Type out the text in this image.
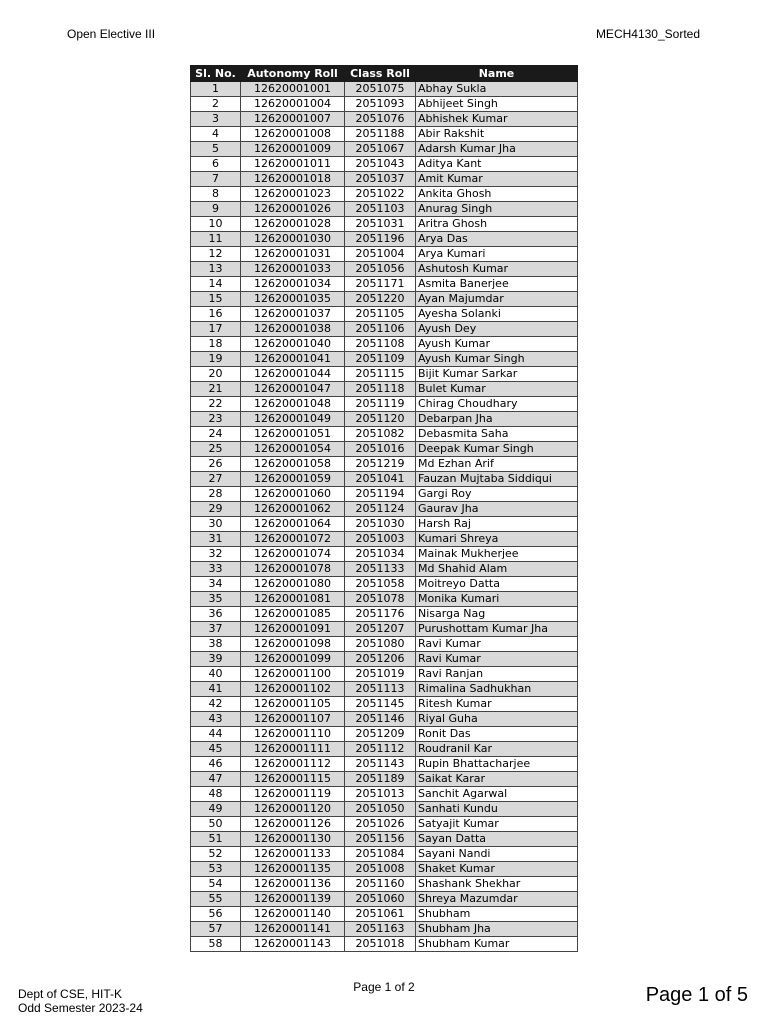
Open Elective III	MECH4130_Sorted
Sl. No.	Autonomy Roll	Class Roll	Name
1	12620001001	2051075	Abhay Sukla
2	12620001004	2051093	Abhijeet Singh
3	12620001007	2051076	Abhishek Kumar
4	12620001008	2051188	Abir Rakshit
5	12620001009	2051067	Adarsh Kumar Jha
6	12620001011	2051043	Aditya Kant
7	12620001018	2051037	Amit Kumar
8	12620001023	2051022	Ankita Ghosh
9	12620001026	2051103	Anurag Singh
10	12620001028	2051031	Aritra Ghosh
11	12620001030	2051196	Arya Das
12	12620001031	2051004	Arya Kumari
13	12620001033	2051056	Ashutosh Kumar
14	12620001034	2051171	Asmita Banerjee
15	12620001035	2051220	Ayan Majumdar
16	12620001037	2051105	Ayesha Solanki
17	12620001038	2051106	Ayush Dey
18	12620001040	2051108	Ayush Kumar
19	12620001041	2051109	Ayush Kumar Singh
20	12620001044	2051115	Bijit Kumar Sarkar
21	12620001047	2051118	Bulet Kumar
22	12620001048	2051119	Chirag Choudhary
23	12620001049	2051120	Debarpan Jha
24	12620001051	2051082	Debasmita Saha
25	12620001054	2051016	Deepak Kumar Singh
26	12620001058	2051219	Md Ezhan Arif
27	12620001059	2051041	Fauzan Mujtaba Siddiqui
28	12620001060	2051194	Gargi Roy
29	12620001062	2051124	Gaurav Jha
30	12620001064	2051030	Harsh Raj
31	12620001072	2051003	Kumari Shreya
32	12620001074	2051034	Mainak Mukherjee
33	12620001078	2051133	Md Shahid Alam
34	12620001080	2051058	Moitreyo Datta
35	12620001081	2051078	Monika Kumari
36	12620001085	2051176	Nisarga Nag
37	12620001091	2051207	Purushottam Kumar Jha
38	12620001098	2051080	Ravi Kumar
39	12620001099	2051206	Ravi Kumar
40	12620001100	2051019	Ravi Ranjan
41	12620001102	2051113	Rimalina Sadhukhan
42	12620001105	2051145	Ritesh Kumar
43	12620001107	2051146	Riyal Guha
44	12620001110	2051209	Ronit Das
45	12620001111	2051112	Roudranil Kar
46	12620001112	2051143	Rupin Bhattacharjee
47	12620001115	2051189	Saikat Karar
48	12620001119	2051013	Sanchit Agarwal
49	12620001120	2051050	Sanhati Kundu
50	12620001126	2051026	Satyajit Kumar
51	12620001130	2051156	Sayan Datta
52	12620001133	2051084	Sayani Nandi
53	12620001135	2051008	Shaket Kumar
54	12620001136	2051160	Shashank Shekhar
55	12620001139	2051060	Shreya Mazumdar
56	12620001140	2051061	Shubham
57	12620001141	2051163	Shubham Jha
58	12620001143	2051018	Shubham Kumar
Page 1 of 2
Dept of CSE, HIT-K
Odd Semester 2023-24
Page 1 of 5
